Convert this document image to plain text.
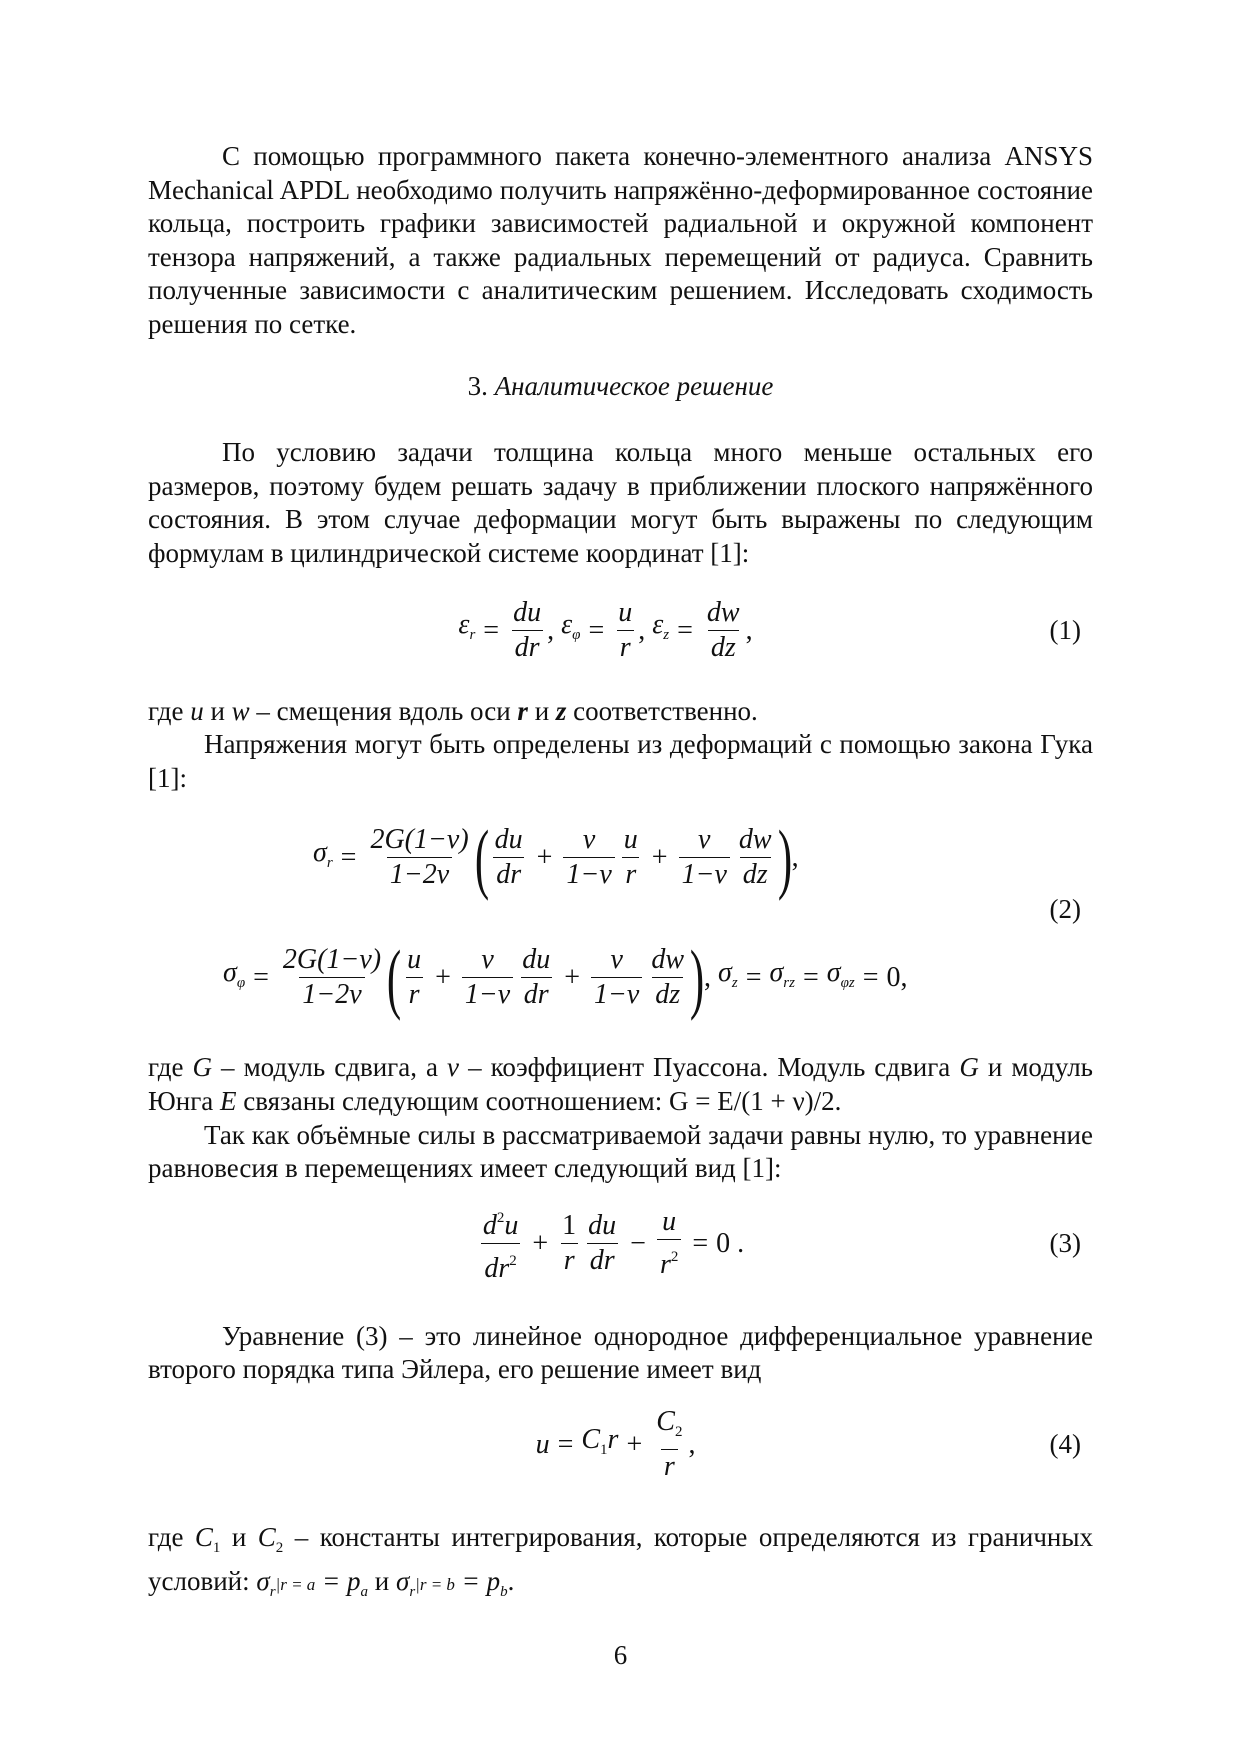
С помощью программного пакета конечно-элементного анализа ANSYS Mechanical APDL необходимо получить напряжённо-деформированное состояние кольца, построить графики зависимостей радиальной и окружной компонент тензора напряжений, а также радиальных перемещений от радиуса. Сравнить полученные зависимости с аналитическим решением. Исследовать сходимость решения по сетке.

3. Аналитическое решение

По условию задачи толщина кольца много меньше остальных его размеров, поэтому будем решать задачу в приближении плоского напряжённого состояния. В этом случае деформации могут быть выражены по следующим формулам в цилиндрической системе координат [1]:

$\varepsilon_r = \frac{du}{dr}$ , $\varepsilon_\varphi = \frac{u}{r}$ , $\varepsilon_z = \frac{dw}{dz}$ ,	(1)

где u и w – смещения вдоль оси r и z соответственно.

Напряжения могут быть определены из деформаций с помощью закона Гука [1]:

$\sigma_r = \frac{2G(1-\nu)}{1-2\nu}$ ( $\frac{du}{dr} + \frac{\nu}{1-\nu} \frac{u}{r} + \frac{\nu}{1-\nu} \frac{dw}{dz}$ ) ,
(2)
$\sigma_\varphi = \frac{2G(1-\nu)}{1-2\nu}$ ( $\frac{u}{r} + \frac{\nu}{1-\nu} \frac{du}{dr} + \frac{\nu}{1-\nu} \frac{dw}{dz}$ ) , $\sigma_z = \sigma_{rz} = \sigma_{\varphi z} = 0$,

где G – модуль сдвига, а ν – коэффициент Пуассона. Модуль сдвига G и модуль Юнга E связаны следующим соотношением: G = E/(1 + ν)/2.

Так как объёмные силы в рассматриваемой задачи равны нулю, то уравнение равновесия в перемещениях имеет следующий вид [1]:

$\frac{d^2u}{dr^2} + \frac{1}{r} \frac{du}{dr} - \frac{u}{r^2} = 0$ .	(3)

Уравнение (3) – это линейное однородное дифференциальное уравнение второго порядка типа Эйлера, его решение имеет вид

$u = C_1r + \frac{C_2}{r}$ ,	(4)

где $C_1$ и $C_2$ – константы интегрирования, которые определяются из граничных условий: $\sigma_r|r = a = p_a$ и $\sigma_r|r = b = p_b$.

6
